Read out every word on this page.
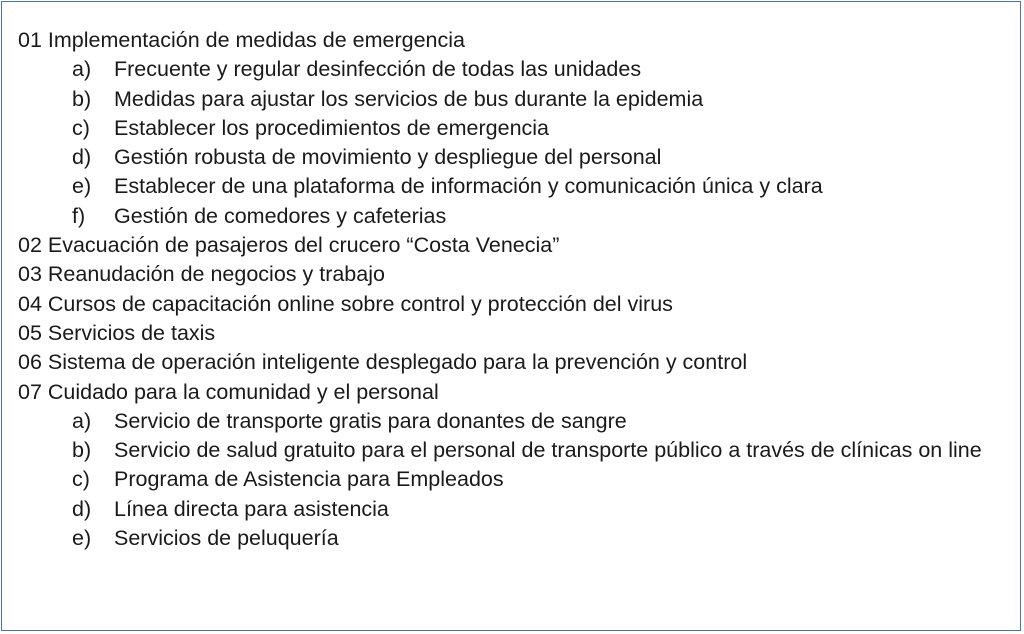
01 Implementación de medidas de emergencia
a)	Frecuente y regular desinfección de todas las unidades
b)	Medidas para ajustar los servicios de bus durante la epidemia
c)	Establecer los procedimientos de emergencia
d)	Gestión robusta de movimiento y despliegue del personal
e)	Establecer de una plataforma de información y comunicación única y clara
f)	Gestión de comedores y cafeterias
02 Evacuación de pasajeros del crucero “Costa Venecia”
03 Reanudación de negocios y trabajo
04 Cursos de capacitación online sobre control y protección del virus
05 Servicios de taxis
06 Sistema de operación inteligente desplegado para la prevención y control
07 Cuidado para la comunidad y el personal
a)	Servicio de transporte gratis para donantes de sangre
b)	Servicio de salud gratuito para el personal de transporte público a través de clínicas on line
c)	Programa de Asistencia para Empleados
d)	Línea directa para asistencia
e)	Servicios de peluquería
